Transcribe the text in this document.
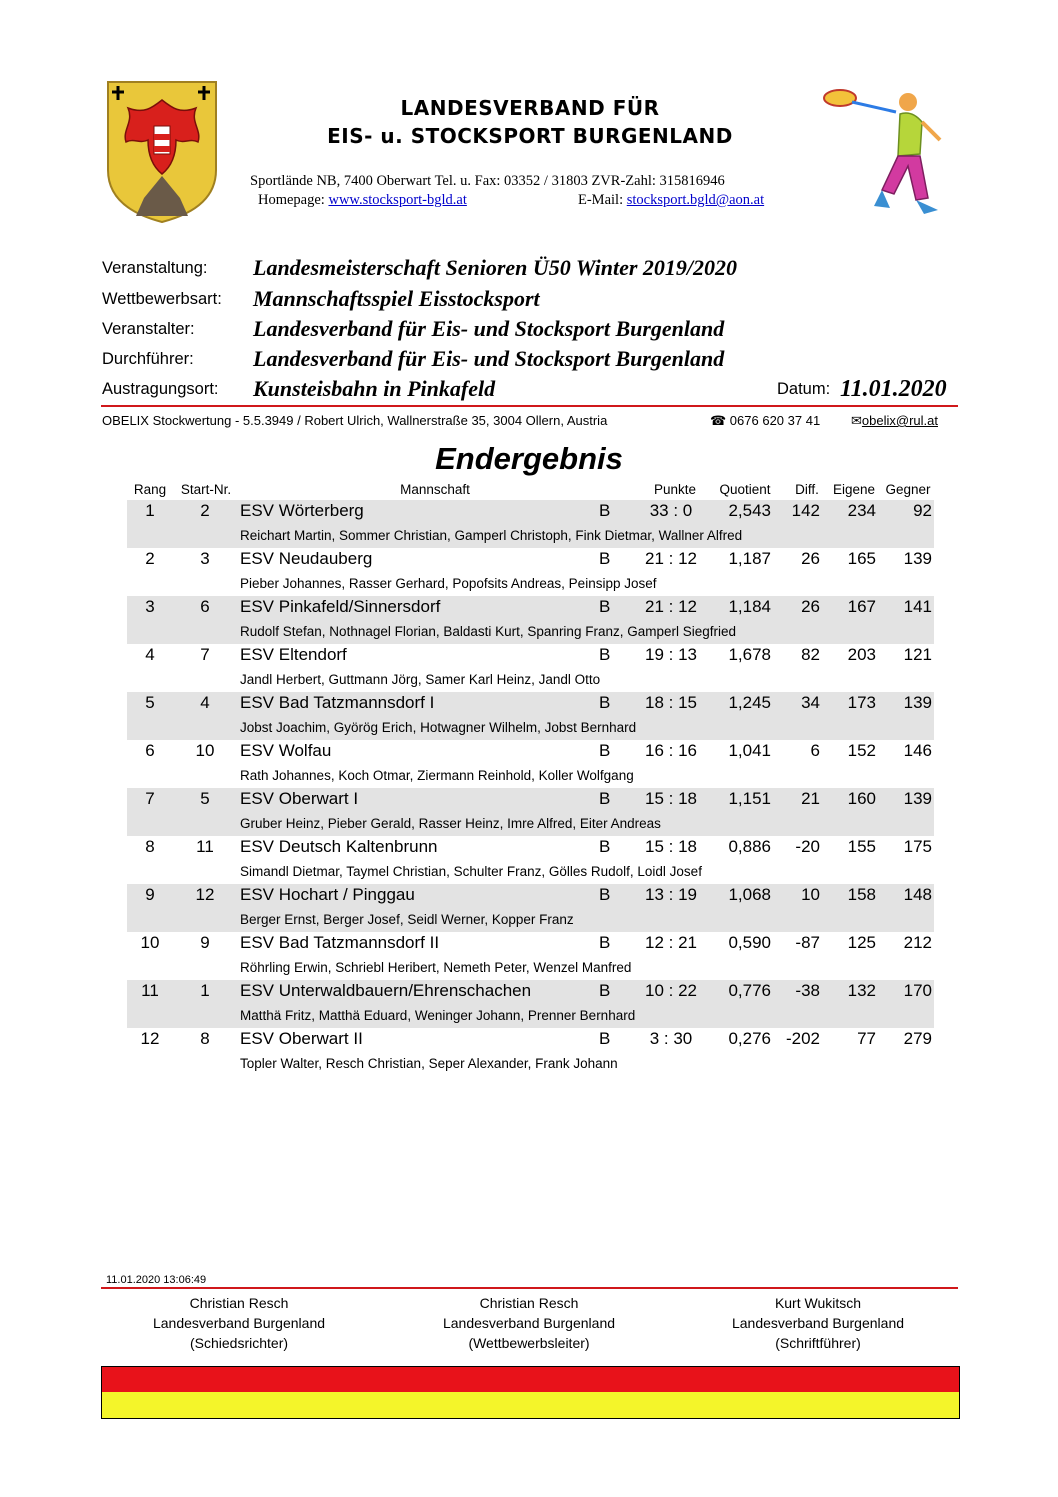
LANDESVERBAND FÜR
EIS- u. STOCKSPORT BURGENLAND
Sportlände NB, 7400 Oberwart Tel. u. Fax: 03352 / 31803 ZVR-Zahl: 315816946
Homepage: www.stocksport-bgld.at	E-Mail: stocksport.bgld@aon.at
Veranstaltung: Landesmeisterschaft Senioren Ü50 Winter 2019/2020
Wettbewerbsart: Mannschaftsspiel Eisstocksport
Veranstalter:	Landesverband für Eis- und Stocksport Burgenland
Durchführer:	Landesverband für Eis- und Stocksport Burgenland
Austragungsort: Kunsteisbahn in Pinkafeld	Datum: 11.01.2020
OBELIX Stockwertung - 5.5.3949 / Robert Ulrich, Wallnerstraße 35, 3004 Ollern, Austria	☎ 0676 620 37 41 ✉obelix@rul.at
Endergebnis
Rang	Start-Nr.	Mannschaft	Punkte	Quotient	Diff.	Eigene Gegner
1	2	ESV Wörterberg	B	33 : 0	2,543	142	234	92
Reichart Martin, Sommer Christian, Gamperl Christoph, Fink Dietmar, Wallner Alfred
2	3	ESV Neudauberg	B 21 : 12	1,187	26	165	139
Pieber Johannes, Rasser Gerhard, Popofsits Andreas, Peinsipp Josef
3	6	ESV Pinkafeld/Sinnersdorf	B 21 : 12	1,184	26	167	141
Rudolf Stefan, Nothnagel Florian, Baldasti Kurt, Spanring Franz, Gamperl Siegfried
4	7	ESV Eltendorf	B 19 : 13	1,678	82	203	121
Jandl Herbert, Guttmann Jörg, Samer Karl Heinz, Jandl Otto
5	4	ESV Bad Tatzmannsdorf I	B 18 : 15	1,245	34	173	139
Jobst Joachim, Györög Erich, Hotwagner Wilhelm, Jobst Bernhard
6	10	ESV Wolfau	B 16 : 16	1,041	6	152	146
Rath Johannes, Koch Otmar, Ziermann Reinhold, Koller Wolfgang
7	5	ESV Oberwart I	B 15 : 18	1,151	21	160	139
Gruber Heinz, Pieber Gerald, Rasser Heinz, Imre Alfred, Eiter Andreas
8	11	ESV Deutsch Kaltenbrunn	B 15 : 18	0,886	-20	155	175
Simandl Dietmar, Taymel Christian, Schulter Franz, Gölles Rudolf, Loidl Josef
9	12	ESV Hochart / Pinggau	B 13 : 19	1,068	10	158	148
Berger Ernst, Berger Josef, Seidl Werner, Kopper Franz
10	9	ESV Bad Tatzmannsdorf II	B 12 : 21	0,590	-87	125	212
Röhrling Erwin, Schriebl Heribert, Nemeth Peter, Wenzel Manfred
11	1	ESV Unterwaldbauern/Ehrenschachen	B 10 : 22	0,776	-38	132	170
Matthä Fritz, Matthä Eduard, Weninger Johann, Prenner Bernhard
12	8	ESV Oberwart II	B	3 : 30	0,276 -202	77	279
Topler Walter, Resch Christian, Seper Alexander, Frank Johann
11.01.2020 13:06:49
Christian Resch
Landesverband Burgenland
(Schiedsrichter)
Christian Resch
Landesverband Burgenland
(Wettbewerbsleiter)
Kurt Wukitsch
Landesverband Burgenland
(Schriftführer)
